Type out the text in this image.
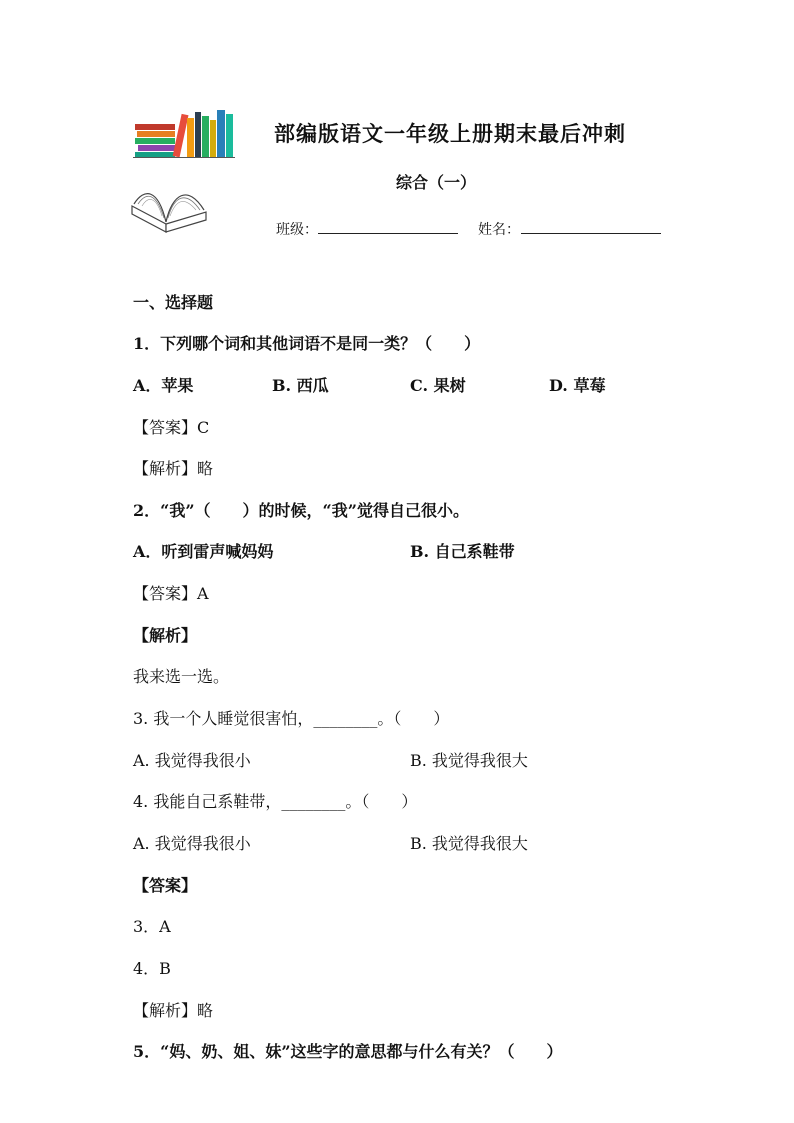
部编版语文一年级上册期末最后冲刺
综合（一）
班级：	姓名：
一、选择题
1．下列哪个词和其他词语不是同一类？（　　）
A．苹果	B. 西瓜	C. 果树	D. 草莓
【答案】C
【解析】略
2．“我”（　　）的时候，“我”觉得自己很小。
A．听到雷声喊妈妈	B. 自己系鞋带
【答案】A
【解析】
我来选一选。
3. 我一个人睡觉很害怕，________。（　　）
A. 我觉得我很小	B. 我觉得我很大
4. 我能自己系鞋带，________。（　　）
A. 我觉得我很小	B. 我觉得我很大
【答案】
3．A
4．B
【解析】略
5．“妈、奶、姐、妹”这些字的意思都与什么有关？（　　）
